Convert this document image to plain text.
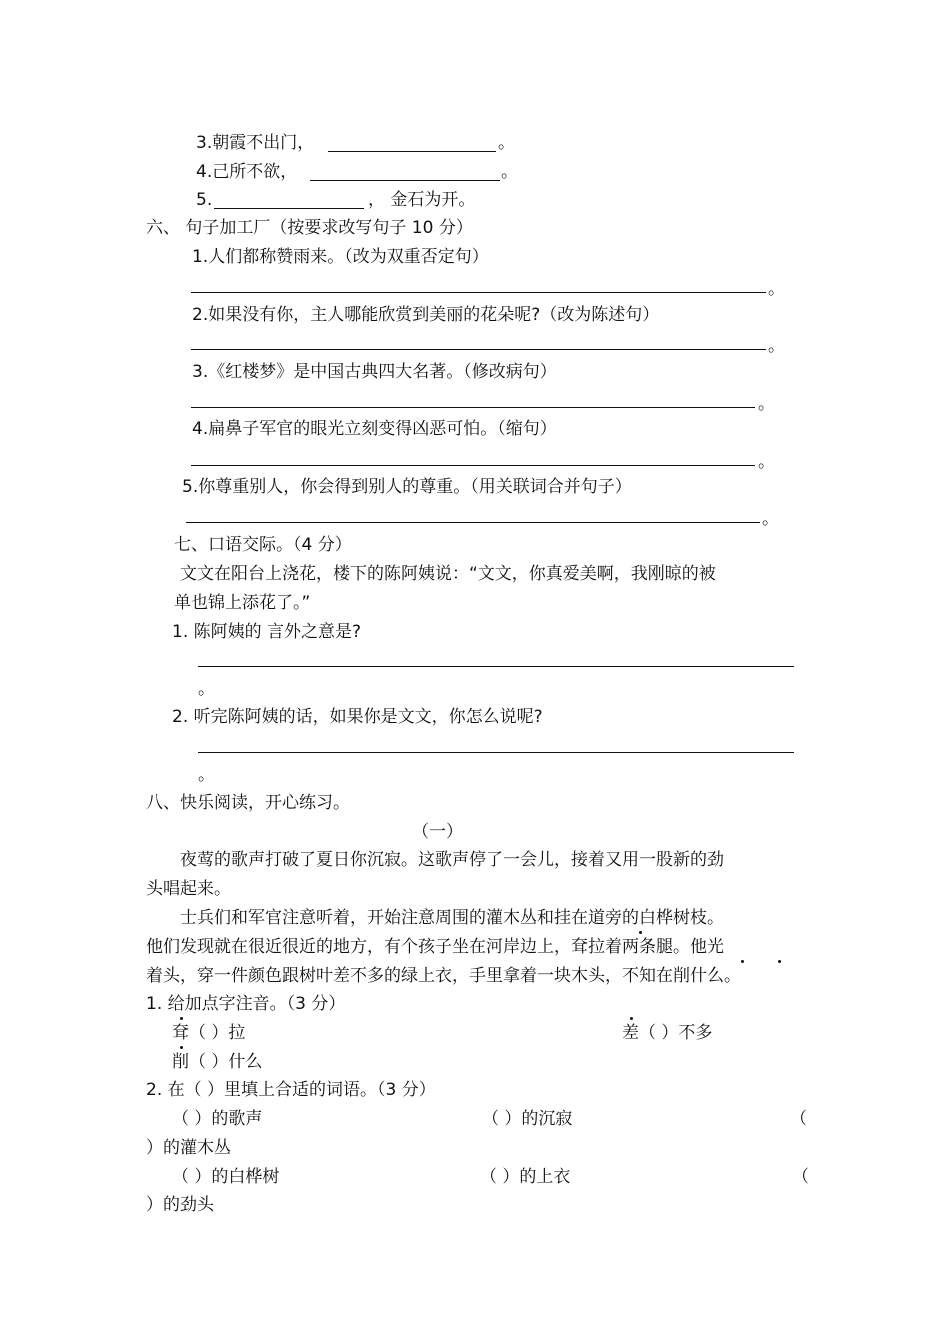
3.朝霞不出门，	。
4.己所不欲，	。
5.	， 金石为开。
六、 句子加工厂（按要求改写句子 10 分）
1.人们都称赞雨来。（改为双重否定句）
。
2.如果没有你，主人哪能欣赏到美丽的花朵呢?（改为陈述句）
。
3.《红楼梦》是中国古典四大名著。（修改病句）
。
4.扁鼻子军官的眼光立刻变得凶恶可怕。（缩句）
。
5.你尊重别人，你会得到别人的尊重。（用关联词合并句子）
。
七、口语交际。（4 分）
文文在阳台上浇花，楼下的陈阿姨说：“文文，你真爱美啊，我刚晾的被
单也锦上添花了。”
1. 陈阿姨的 言外之意是?
。
2. 听完陈阿姨的话，如果你是文文，你怎么说呢?
。
八、快乐阅读，开心练习。
（一）
夜莺的歌声打破了夏日你沉寂。这歌声停了一会儿，接着又用一股新的劲
头唱起来。
士兵们和军官注意听着，开始注意周围的灌木丛和挂在道旁的白桦树枝。
他们发现就在很近很近的地方，有个孩子坐在河岸边上，耷拉着两条腿。他光
着头，穿一件颜色跟树叶差不多的绿上衣，手里拿着一块木头，不知在削什么。
1. 给加点字注音。（3 分）
耷（ ）拉	差（ ）不多
削（ ）什么
2. 在（ ）里填上合适的词语。（3 分）
（ ）的歌声	（ ）的沉寂	（
）的灌木丛
（ ）的白桦树	（ ）的上衣	（
）的劲头
